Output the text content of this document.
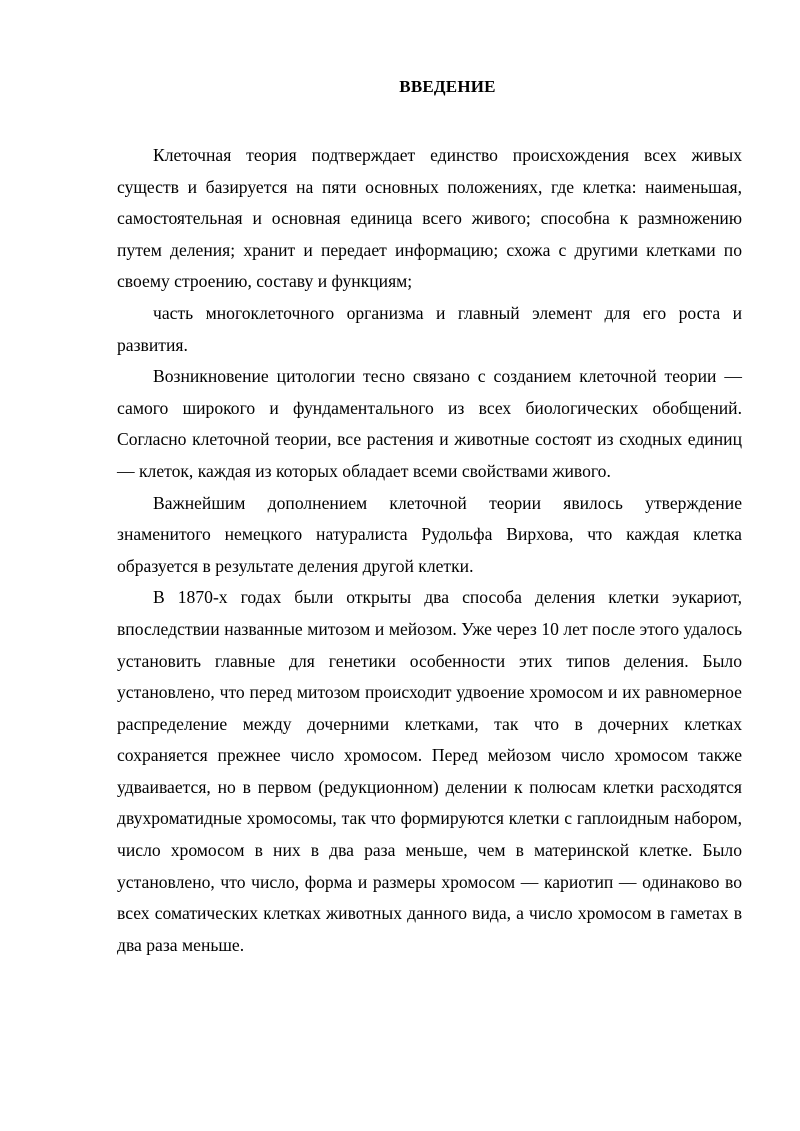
ВВЕДЕНИЕ

Клеточная теория подтверждает единство происхождения всех живых существ и базируется на пяти основных положениях, где клетка: наименьшая, самостоятельная и основная единица всего живого; способна к размножению путем деления; хранит и передает информацию; схожа с другими клетками по своему строению, составу и функциям;

часть многоклеточного организма и главный элемент для его роста и развития.

Возникновение цитологии тесно связано с созданием клеточной теории — самого широкого и фундаментального из всех биологических обобщений. Согласно клеточной теории, все растения и животные состоят из сходных единиц — клеток, каждая из которых обладает всеми свойствами живого.

Важнейшим дополнением клеточной теории явилось утверждение знаменитого немецкого натуралиста Рудольфа Вирхова, что каждая клетка образуется в результате деления другой клетки.

В 1870-х годах были открыты два способа деления клетки эукариот, впоследствии названные митозом и мейозом. Уже через 10 лет после этого удалось установить главные для генетики особенности этих типов деления. Было установлено, что перед митозом происходит удвоение хромосом и их равномерное распределение между дочерними клетками, так что в дочерних клетках сохраняется прежнее число хромосом. Перед мейозом число хромосом также удваивается, но в первом (редукционном) делении к полюсам клетки расходятся двухроматидные хромосомы, так что формируются клетки с гаплоидным набором, число хромосом в них в два раза меньше, чем в материнской клетке. Было установлено, что число, форма и размеры хромосом — кариотип — одинаково во всех соматических клетках животных данного вида, а число хромосом в гаметах в два раза меньше.
